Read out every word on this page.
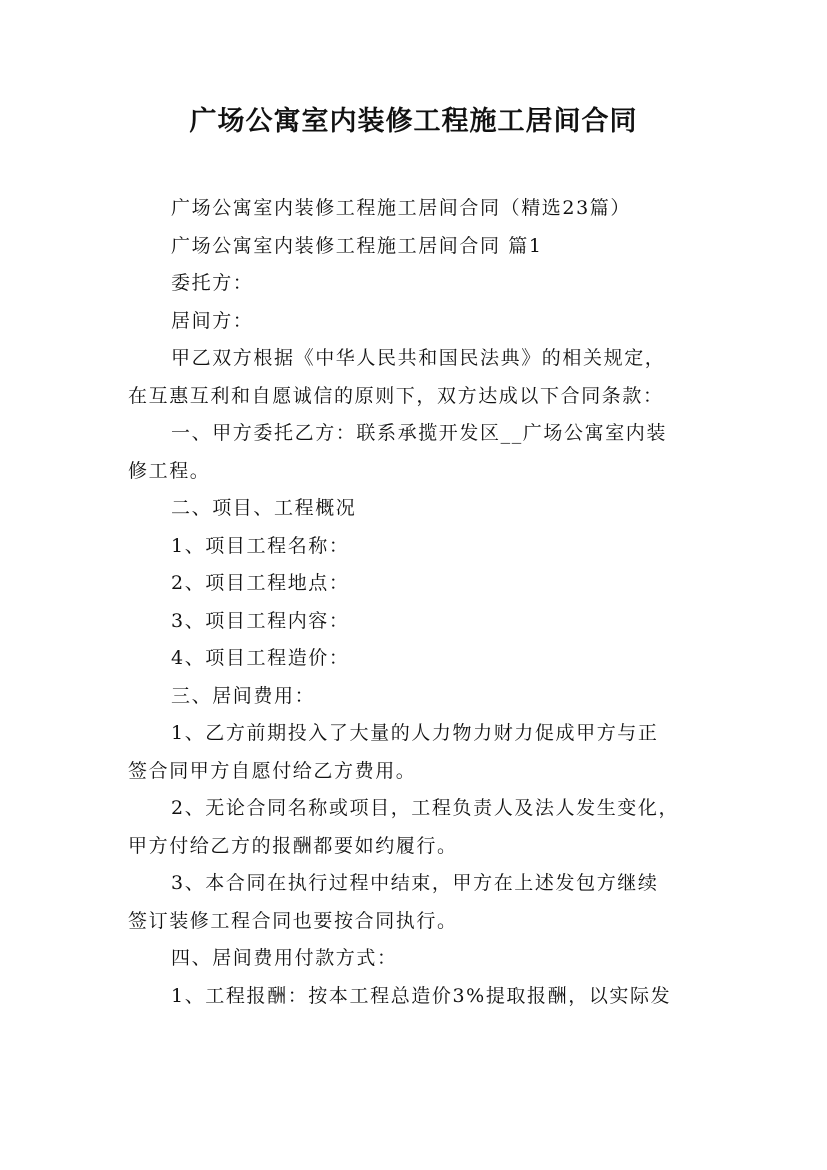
广场公寓室内装修工程施工居间合同

广场公寓室内装修工程施工居间合同（精选23篇）

广场公寓室内装修工程施工居间合同 篇1

委托方：

居间方：

甲乙双方根据《中华人民共和国民法典》的相关规定，

在互惠互利和自愿诚信的原则下，双方达成以下合同条款：

一、甲方委托乙方：联系承揽开发区__广场公寓室内装

修工程。

二、项目、工程概况

1、项目工程名称：

2、项目工程地点：

3、项目工程内容：

4、项目工程造价：

三、居间费用：

1、乙方前期投入了大量的人力物力财力促成甲方与正

签合同甲方自愿付给乙方费用。

2、无论合同名称或项目，工程负责人及法人发生变化，

甲方付给乙方的报酬都要如约履行。

3、本合同在执行过程中结束，甲方在上述发包方继续

签订装修工程合同也要按合同执行。

四、居间费用付款方式：

1、工程报酬：按本工程总造价3%提取报酬，以实际发
